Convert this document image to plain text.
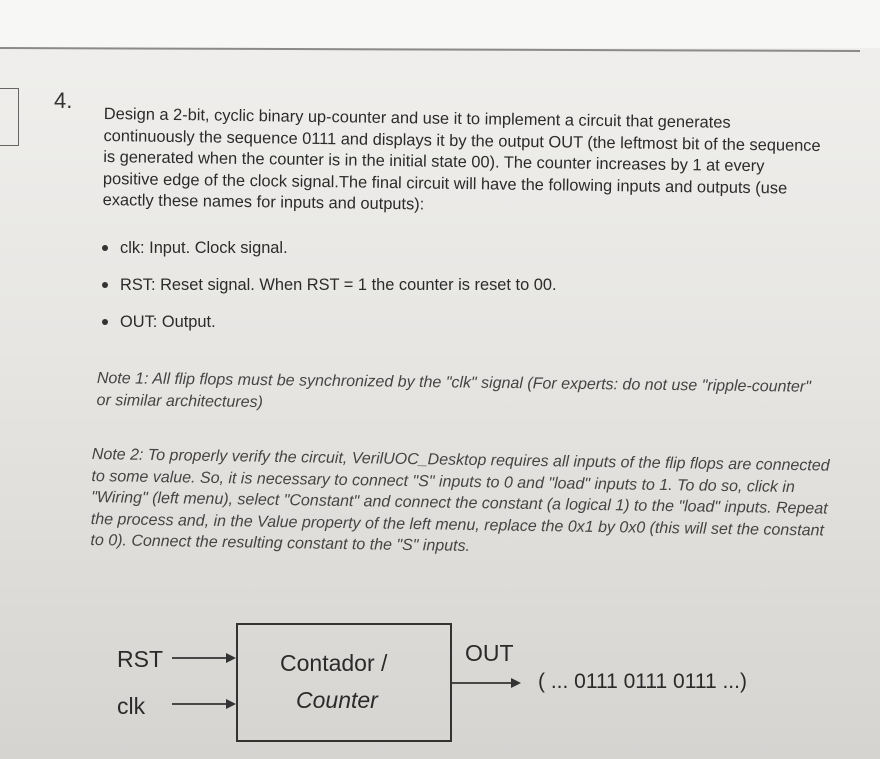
4.
Design a 2-bit, cyclic binary up-counter and use it to implement a circuit that generates continuously the sequence 0111 and displays it by the output OUT (the leftmost bit of the sequence is generated when the counter is in the initial state 00). The counter increases by 1 at every positive edge of the clock signal.The final circuit will have the following inputs and outputs (use exactly these names for inputs and outputs):
clk: Input. Clock signal.
RST: Reset signal. When RST = 1 the counter is reset to 00.
OUT: Output.
Note 1: All flip flops must be synchronized by the "clk" signal (For experts: do not use "ripple-counter" or similar architectures)
Note 2: To properly verify the circuit, VerilUOC_Desktop requires all inputs of the flip flops are connected to some value. So, it is necessary to connect "S" inputs to 0 and "load" inputs to 1. To do so, click in "Wiring" (left menu), select "Constant" and connect the constant (a logical 1) to the "load" inputs. Repeat the process and, in the Value property of the left menu, replace the 0x1 by 0x0 (this will set the constant to 0). Connect the resulting constant to the "S" inputs.
RST
clk
Contador /
Counter
OUT
( ... 0111 0111 0111 ...)
